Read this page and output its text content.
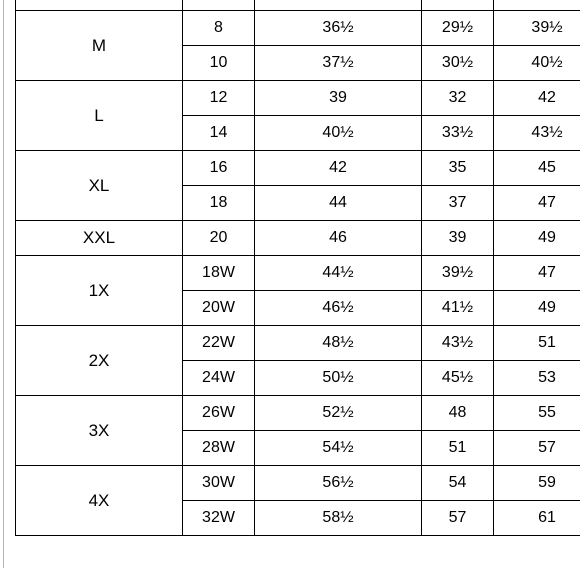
M	8	36½	29½	39½
	10	37½	30½	40½
L	12	39	32	42
	14	40½	33½	43½
XL	16	42	35	45
	18	44	37	47
XXL	20	46	39	49
1X	18W	44½	39½	47
	20W	46½	41½	49
2X	22W	48½	43½	51
	24W	50½	45½	53
3X	26W	52½	48	55
	28W	54½	51	57
4X	30W	56½	54	59
	32W	58½	57	61
